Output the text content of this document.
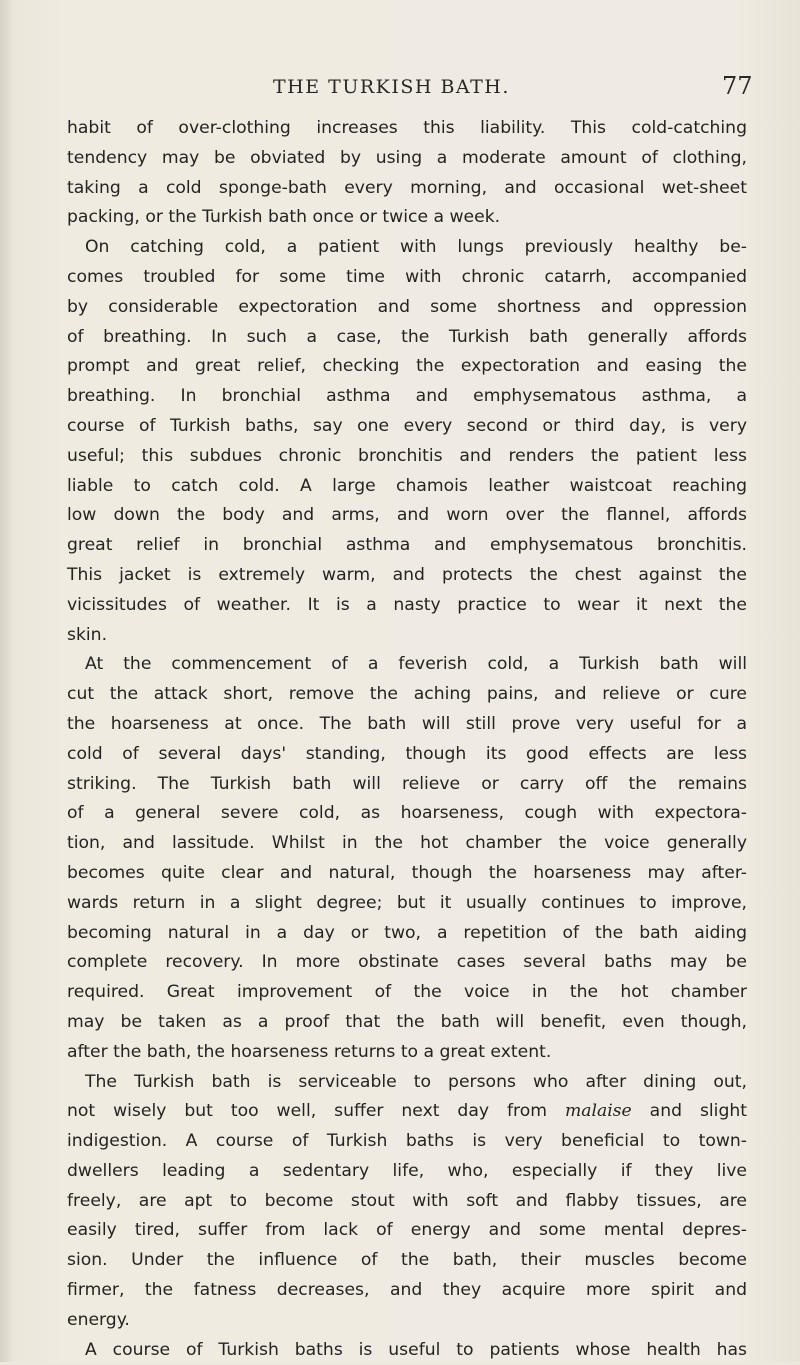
THE TURKISH BATH.	77
habit of over-clothing increases this liability. This cold-catching
tendency may be obviated by using a moderate amount of clothing,
taking a cold sponge-bath every morning, and occasional wet-sheet
packing, or the Turkish bath once or twice a week.
On catching cold, a patient with lungs previously healthy be-
comes troubled for some time with chronic catarrh, accompanied
by considerable expectoration and some shortness and oppression
of breathing. In such a case, the Turkish bath generally affords
prompt and great relief, checking the expectoration and easing the
breathing. In bronchial asthma and emphysematous asthma, a
course of Turkish baths, say one every second or third day, is very
useful; this subdues chronic bronchitis and renders the patient less
liable to catch cold. A large chamois leather waistcoat reaching
low down the body and arms, and worn over the flannel, affords
great relief in bronchial asthma and emphysematous bronchitis.
This jacket is extremely warm, and protects the chest against the
vicissitudes of weather. It is a nasty practice to wear it next the
skin.
At the commencement of a feverish cold, a Turkish bath will
cut the attack short, remove the aching pains, and relieve or cure
the hoarseness at once. The bath will still prove very useful for a
cold of several days' standing, though its good effects are less
striking. The Turkish bath will relieve or carry off the remains
of a general severe cold, as hoarseness, cough with expectora-
tion, and lassitude. Whilst in the hot chamber the voice generally
becomes quite clear and natural, though the hoarseness may after-
wards return in a slight degree; but it usually continues to improve,
becoming natural in a day or two, a repetition of the bath aiding
complete recovery. In more obstinate cases several baths may be
required. Great improvement of the voice in the hot chamber
may be taken as a proof that the bath will benefit, even though,
after the bath, the hoarseness returns to a great extent.
The Turkish bath is serviceable to persons who after dining out,
not wisely but too well, suffer next day from malaise and slight
indigestion. A course of Turkish baths is very beneficial to town-
dwellers leading a sedentary life, who, especially if they live
freely, are apt to become stout with soft and flabby tissues, are
easily tired, suffer from lack of energy and some mental depres-
sion. Under the influence of the bath, their muscles become
firmer, the fatness decreases, and they acquire more spirit and
energy.
A course of Turkish baths is useful to patients whose health has
